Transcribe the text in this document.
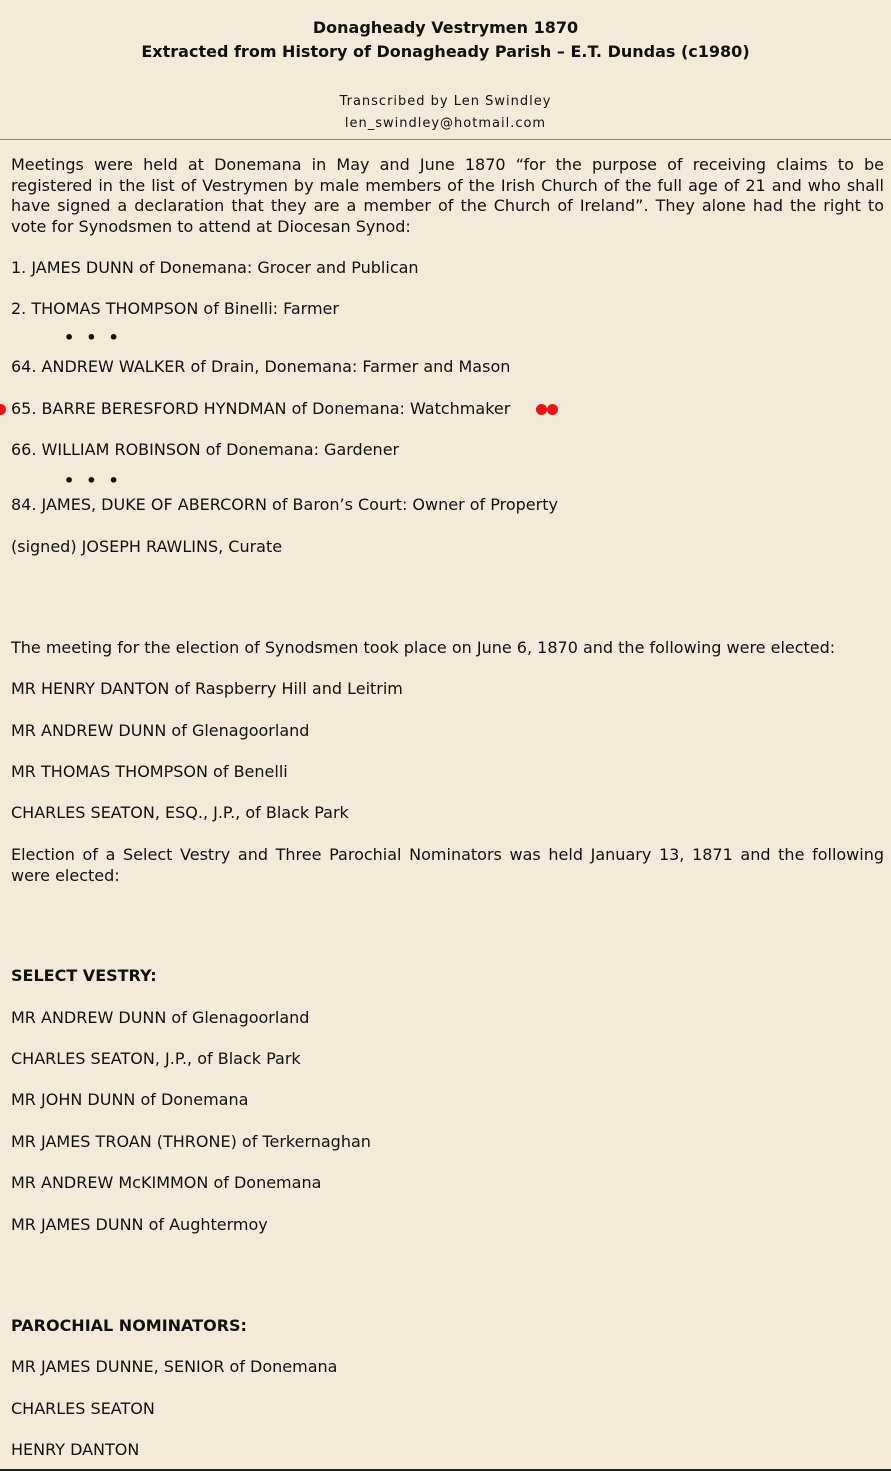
Donagheady Vestrymen 1870
Extracted from History of Donagheady Parish – E.T. Dundas (c1980)
Transcribed by Len Swindley
len_swindley@hotmail.com

Meetings were held at Donemana in May and June 1870 “for the purpose of receiving claims to be registered in the list of Vestrymen by male members of the Irish Church of the full age of 21 and who shall have signed a declaration that they are a member of the Church of Ireland”. They alone had the right to vote for Synodsmen to attend at Diocesan Synod:

1. JAMES DUNN of Donemana: Grocer and Publican

2. THOMAS THOMPSON of Binelli: Farmer

•••

64. ANDREW WALKER of Drain, Donemana: Farmer and Mason

65. BARRE BERESFORD HYNDMAN of Donemana: Watchmaker

66. WILLIAM ROBINSON of Donemana: Gardener

•••

84. JAMES, DUKE OF ABERCORN of Baron’s Court: Owner of Property

(signed) JOSEPH RAWLINS, Curate

The meeting for the election of Synodsmen took place on June 6, 1870 and the following were elected:

MR HENRY DANTON of Raspberry Hill and Leitrim

MR ANDREW DUNN of Glenagoorland

MR THOMAS THOMPSON of Benelli

CHARLES SEATON, ESQ., J.P., of Black Park

Election of a Select Vestry and Three Parochial Nominators was held January 13, 1871 and the following were elected:

SELECT VESTRY:

MR ANDREW DUNN of Glenagoorland

CHARLES SEATON, J.P., of Black Park

MR JOHN DUNN of Donemana

MR JAMES TROAN (THRONE) of Terkernaghan

MR ANDREW McKIMMON of Donemana

MR JAMES DUNN of Aughtermoy

PAROCHIAL NOMINATORS:

MR JAMES DUNNE, SENIOR of Donemana

CHARLES SEATON

HENRY DANTON
